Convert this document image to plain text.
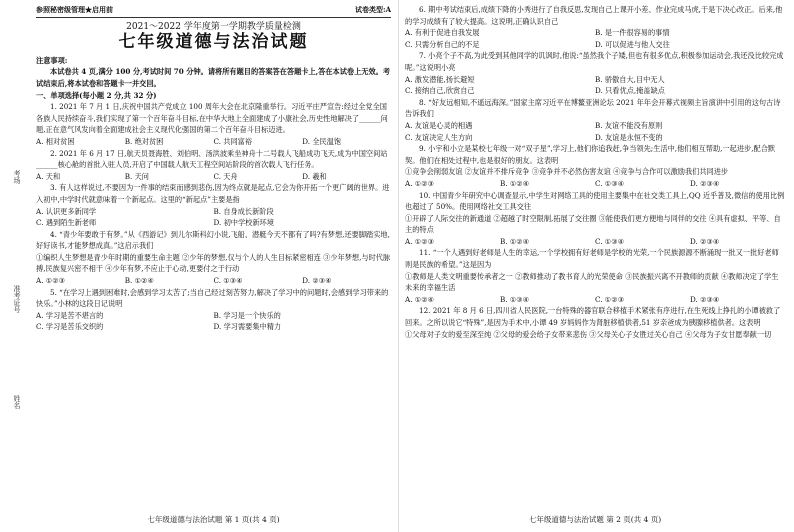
考场
准考证号
姓名
参照秘密级管理★启用前	试卷类型:A
2021～2022 学年度第一学期教学质量检测
七年级道德与法治试题
注意事项:

本试卷共 4 页,满分 100 分,考试时间 70 分钟。请将所有题目的答案答在答题卡上,答在本试卷上无效。考试结束后,将本试卷和答题卡一并交回。

一、单项选择(每小题 2 分,共 32 分)

1. 2021 年 7 月 1 日,庆祝中国共产党成立 100 周年大会在北京隆重举行。习近平庄严宣告:经过全党全国各族人民持续奋斗,我们实现了第一个百年奋斗目标,在中华大地上全面建成了小康社会,历史性地解决了______问题,正在意气风发向着全面建成社会主义现代化强国的第二个百年奋斗目标迈进。

A. 相对贫困	B. 绝对贫困	C. 共同富裕	D. 全民温饱

2. 2021 年 6 月 17 日,航天员聂海胜、刘伯明、汤洪波乘坐神舟十二号载人飞船成功飞天,成为中国空间站______核心舱的首批入驻人员,开启了中国载人航天工程空间站阶段的首次载人飞行任务。

A. 天和	B. 天问	C. 天舟	D. 羲和

3. 有人这样说过,不要因为一件事的结束而感到悲伤,因为终点就是起点,它会为你开拓一个更广阔的世界。进入初中,中学时代就意味着一个新起点。这里的“新起点”主要是指

A. 认识更多新同学	B. 自身成长新阶段
C. 遇到陌生新老师	D. 初中学校新环境

4. “青少年要敢于有梦。”从《西游记》到儿尔斯科幻小说,飞船、潜艇今天不都有了吗?有梦想,还要脚踏实地,好好读书,才能梦想成真。”这启示我们

①编织人生梦想是青少年时期的重要生命主题 ②少年的梦想,仅与个人的人生目标紧密相连 ③少年梦想,与时代脉搏,民族复兴密不相干 ④少年有梦,不应止于心动,更要付之于行动

A. ①②③	B. ①②④	C. ①③④	D. ②③④

5. “在学习上遇到困难时,会感到学习太苦了;当自己经过刻苦努力,解决了学习中的问题时,会感到学习带来的快乐。”小林的这段日记说明

A. 学习是苦不堪言的	B. 学习是一个快乐的
C. 学习是苦乐交织的	D. 学习需要集中精力
七年级道德与法治试题 第 1 页(共 4 页)

6. 期中考试结束后,成绩下降的小秀进行了自我反思,发现自己上课开小差、作业完成马虎,于是下决心改正。后来,他的学习成绩有了较大提高。这说明,正确认识自己

A. 有利于促进自我发展	B. 是一件很容易的事情
C. 只需分析自己的不足	D. 可以促进与他人交往

7. 小亮个子不高,为此受到其他同学的讥讽时,他说:“虽然我个子矮,但也有很多优点,积极参加运动会,我还没比较完成呢。”这说明小亮

A. 激发潜能,扬长避短	B. 骄傲自大,目中无人
C. 接纳自己,欣赏自己	D. 只看优点,掩盖缺点

8. “好友远相知,不遥远海深。”国家主席习近平在博鳌亚洲论坛 2021 年年会开幕式视频主旨演讲中引用的这句古诗告诉我们

A. 友谊是心灵的相遇	B. 友谊不能没有原则
C. 友谊决定人生方向	D. 友谊是永恒不变的

9. 小宇和小立是某校七年级一对“双子星”,学习上,他们你追我赶,争当领先;生活中,他们相互帮助,一起进步,配合默契。他们在相处过程中,也是很好的朋友。这表明

①竞争会削弱友谊 ②友谊并不排斥竞争 ③竞争并不必然伤害友谊 ④竞争与合作可以激励我们共同进步

A. ①②③	B. ①②④	C. ①③④	D. ②③④

10. 中国青少年研究中心调查显示,中学生对网络工具的使用主要集中在社交类工具上,QQ 近乎普及,微信的使用比例也超过了 50%。使用网络社交工具交往

①开辟了人际交往的新通道 ②超越了时空限制,拓展了交往圈 ③能使我们更方便地与同伴的交往 ④具有虚拟、平等、自主的特点

A. ①②③	B. ①②④	C. ①③④	D. ②③④

11. “一个人遇到好老师是人生的幸运,一个学校拥有好老师是学校的光荣,一个民族源源不断涌现一批又一批好老师则是民族的希望。”这是因为

①教师是人类文明重要传承者之一 ②教师推动了教书育人的光荣使命 ③民族振兴离不开教师的贡献 ④教师决定了学生未来的幸福生活

A. ①②④	B. ①③④	C. ①②③	D. ②③④

12. 2021 年 8 月 6 日,四川省人民医院,一台特殊的器官联合移植手术紧张有序进行,在生死线上挣扎的小谭被救了回来。之所以说它“特殊”,是因为手术中,小谭 49 岁妈妈作为肾脏移植供者,51 岁亲爸成为胰腺移植供者。这表明

①父母对子女的爱至深至纯 ②父母的爱会给子女带来悲伤 ③父母关心子女胜过关心自己 ④父母为子女甘愿奉献一切

七年级道德与法治试题 第 2 页(共 4 页)
